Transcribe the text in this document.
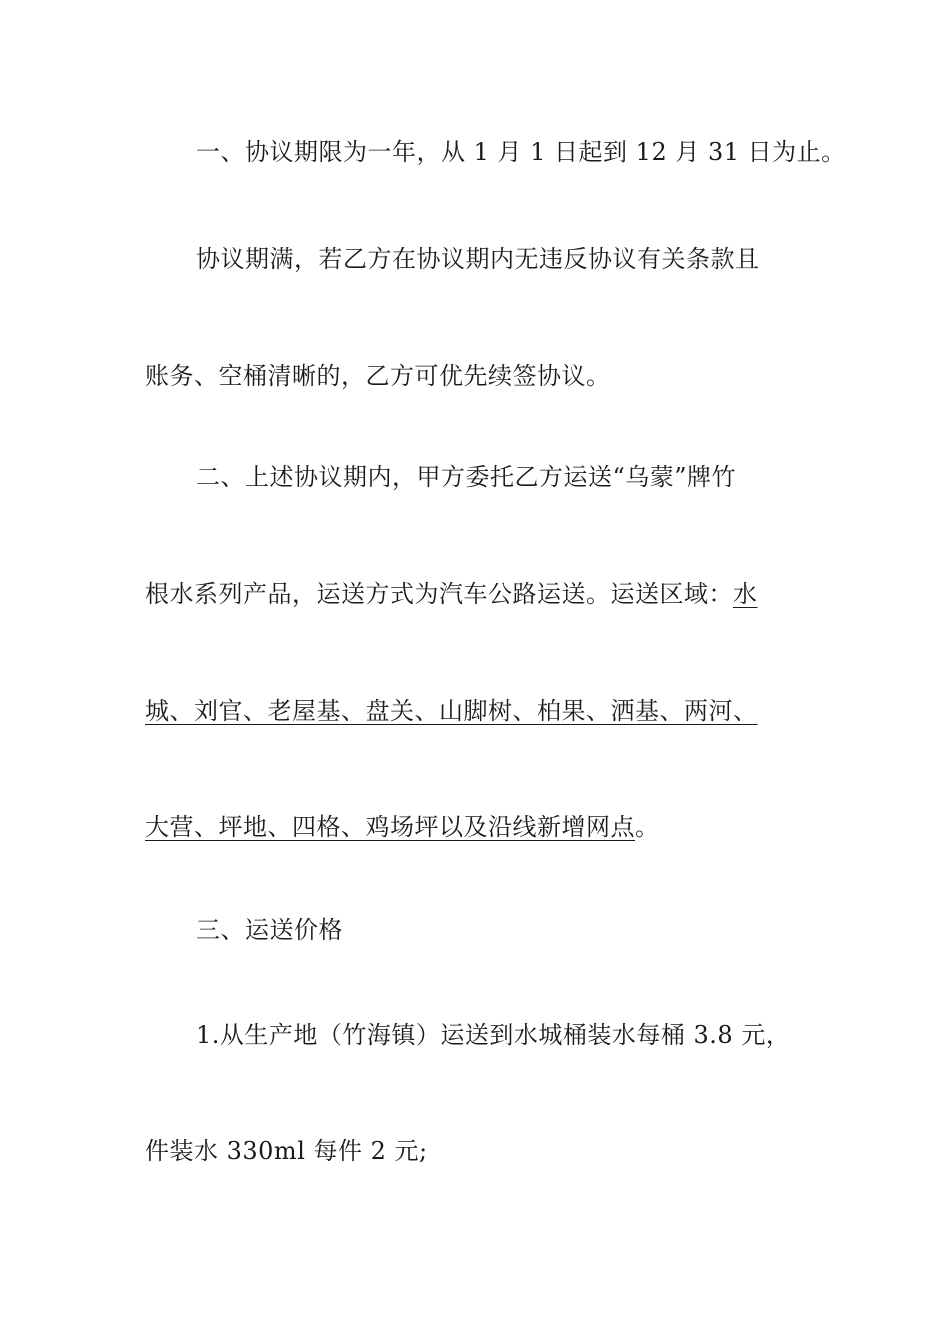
一、协议期限为一年，从 1 月 1 日起到 12 月 31 日为止。
协议期满，若乙方在协议期内无违反协议有关条款且
账务、空桶清晰的，乙方可优先续签协议。
二、上述协议期内，甲方委托乙方运送“乌蒙”牌竹
根水系列产品，运送方式为汽车公路运送。运送区域：水
城、刘官、老屋基、盘关、山脚树、柏果、洒基、两河、
大营、坪地、四格、鸡场坪以及沿线新增网点。
三、运送价格
1.从生产地（竹海镇）运送到水城桶装水每桶 3.8 元，
件装水 330ml 每件 2 元;
